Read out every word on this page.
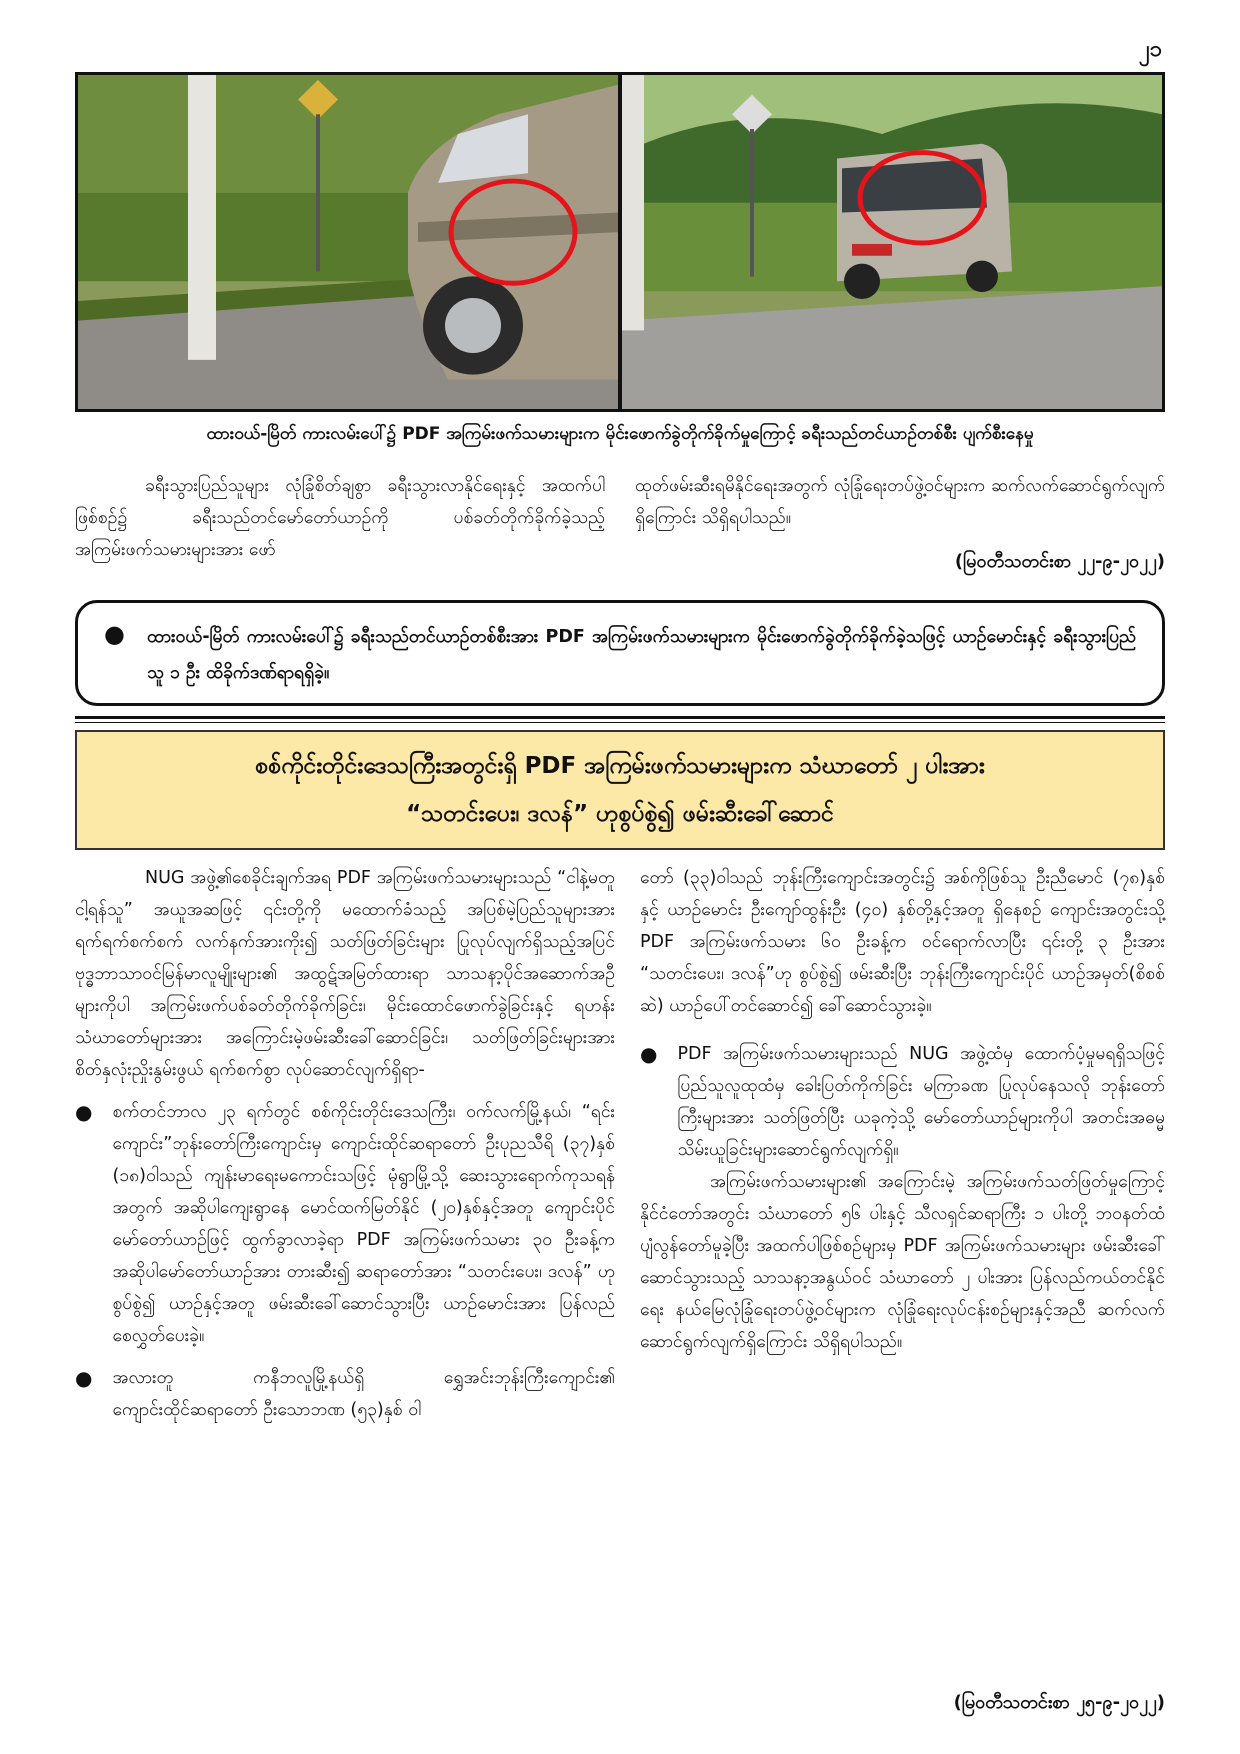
၂၁
ထားဝယ်-မြိတ် ကားလမ်းပေါ်၌ PDF အကြမ်းဖက်သမားများက မိုင်းဖောက်ခွဲတိုက်ခိုက်မှုကြောင့် ခရီးသည်တင်ယာဉ်တစ်စီး ပျက်စီးနေမှု

ခရီးသွားပြည်သူများ လုံခြုံစိတ်ချစွာ ခရီးသွားလာနိုင်ရေးနှင့် အထက်ပါဖြစ်စဉ်၌ ခရီးသည်တင်မော်တော်ယာဉ်ကို ပစ်ခတ်တိုက်ခိုက်ခဲ့သည့် အကြမ်းဖက်သမားများအား ဖော်

ထုတ်ဖမ်းဆီးရမိနိုင်ရေးအတွက် လုံခြုံရေးတပ်ဖွဲ့ဝင်များက ဆက်လက်ဆောင်ရွက်လျက်ရှိကြောင်း သိရှိရပါသည်။

(မြဝတီသတင်းစာ ၂၂-၉-၂၀၂၂)

● ထားဝယ်-မြိတ် ကားလမ်းပေါ်၌ ခရီးသည်တင်ယာဉ်တစ်စီးအား PDF အကြမ်းဖက်သမားများက မိုင်းဖောက်ခွဲတိုက်ခိုက်ခဲ့သဖြင့် ယာဉ်မောင်းနှင့် ခရီးသွားပြည်သူ ၁ ဦး ထိခိုက်ဒဏ်ရာရရှိခဲ့။
စစ်ကိုင်းတိုင်းဒေသကြီးအတွင်းရှိ PDF အကြမ်းဖက်သမားများက သံဃာတော် ၂ ပါးအား
“သတင်းပေး၊ ဒလန်” ဟုစွပ်စွဲ၍ ဖမ်းဆီးခေါ်ဆောင်

NUG အဖွဲ့၏စေခိုင်းချက်အရ PDF အကြမ်းဖက်သမားများသည် “ငါနဲ့မတူ ငါ့ရန်သူ” အယူအဆဖြင့် ၎င်းတို့ကို မထောက်ခံသည့် အပြစ်မဲ့ပြည်သူများအား ရက်ရက်စက်စက် လက်နက်အားကိုး၍ သတ်ဖြတ်ခြင်းများ ပြုလုပ်လျက်ရှိသည့်အပြင် ဗုဒ္ဓဘာသာဝင်မြန်မာလူမျိုးများ၏ အထွဋ်အမြတ်ထားရာ သာသနာ့ပိုင်အဆောက်အဦများကိုပါ အကြမ်းဖက်ပစ်ခတ်တိုက်ခိုက်ခြင်း၊ မိုင်းထောင်ဖောက်ခွဲခြင်းနှင့် ရဟန်းသံဃာတော်များအား အကြောင်းမဲ့ဖမ်းဆီးခေါ်ဆောင်ခြင်း၊ သတ်ဖြတ်ခြင်းများအား စိတ်နှလုံးညှိုးနွမ်းဖွယ် ရက်စက်စွာ လုပ်ဆောင်လျက်ရှိရာ-

● စက်တင်ဘာလ ၂၃ ရက်တွင် စစ်ကိုင်းတိုင်းဒေသကြီး၊ ဝက်လက်မြို့နယ်၊ “ရင်းကျောင်း”ဘုန်းတော်ကြီးကျောင်းမှ ကျောင်းထိုင်ဆရာတော် ဦးပုညသီရိ (၃၇)နှစ် (၁၈)ဝါသည် ကျန်းမာရေးမကောင်းသဖြင့် မုံရွာမြို့သို့ ဆေးသွားရောက်ကုသရန်အတွက် အဆိုပါကျေးရွာနေ မောင်ထက်မြတ်နိုင် (၂၀)နှစ်နှင့်အတူ ကျောင်းပိုင်မော်တော်ယာဉ်ဖြင့် ထွက်ခွာလာခဲ့ရာ PDF အကြမ်းဖက်သမား ၃၀ ဦးခန့်က အဆိုပါမော်တော်ယာဉ်အား တားဆီး၍ ဆရာတော်အား “သတင်းပေး၊ ဒလန်” ဟုစွပ်စွဲ၍ ယာဉ်နှင့်အတူ ဖမ်းဆီးခေါ်ဆောင်သွားပြီး ယာဉ်မောင်းအား ပြန်လည်စေလွှတ်ပေးခဲ့။
● အလားတူ ကနီဘလူမြို့နယ်ရှိ ရွှေအင်းဘုန်းကြီးကျောင်း၏ ကျောင်းထိုင်ဆရာတော် ဦးသောဘဏ (၅၃)နှစ် ဝါ

တော် (၃၃)ဝါသည် ဘုန်းကြီးကျောင်းအတွင်း၌ အစ်ကိုဖြစ်သူ ဦးညီမောင် (၇၈)နှစ်နှင့် ယာဉ်မောင်း ဦးကျော်ထွန်းဦး (၄၀) နှစ်တို့နှင့်အတူ ရှိနေစဉ် ကျောင်းအတွင်းသို့ PDF အကြမ်းဖက်သမား ၆၀ ဦးခန့်က ဝင်ရောက်လာပြီး ၎င်းတို့ ၃ ဦးအား “သတင်းပေး၊ ဒလန်”ဟု စွပ်စွဲ၍ ဖမ်းဆီးပြီး ဘုန်းကြီးကျောင်းပိုင် ယာဉ်အမှတ်(စိစစ်ဆဲ) ယာဉ်ပေါ်တင်ဆောင်၍ ခေါ်ဆောင်သွားခဲ့။

● PDF အကြမ်းဖက်သမားများသည် NUG အဖွဲ့ထံမှ ထောက်ပံ့မှုမရရှိသဖြင့် ပြည်သူလူထုထံမှ ခေါးပြတ်ကိုက်ခြင်း မကြာခဏ ပြုလုပ်နေသလို ဘုန်းတော်ကြီးများအား သတ်ဖြတ်ပြီး ယခုကဲ့သို့ မော်တော်ယာဉ်များကိုပါ အတင်းအဓမ္မသိမ်းယူခြင်းများဆောင်ရွက်လျက်ရှိ။

အကြမ်းဖက်သမားများ၏ အကြောင်းမဲ့ အကြမ်းဖက်သတ်ဖြတ်မှုကြောင့် နိုင်ငံတော်အတွင်း သံဃာတော် ၅၆ ပါးနှင့် သီလရှင်ဆရာကြီး ၁ ပါးတို့ ဘဝနတ်ထံပျံလွန်တော်မူခဲ့ပြီး အထက်ပါဖြစ်စဉ်များမှ PDF အကြမ်းဖက်သမားများ ဖမ်းဆီးခေါ်ဆောင်သွားသည့် သာသနာ့အနွယ်ဝင် သံဃာတော် ၂ ပါးအား ပြန်လည်ကယ်တင်နိုင်ရေး နယ်မြေလုံခြုံရေးတပ်ဖွဲ့ဝင်များက လုံခြုံရေးလုပ်ငန်းစဉ်များနှင့်အညီ ဆက်လက်ဆောင်ရွက်လျက်ရှိကြောင်း သိရှိရပါသည်။

(မြဝတီသတင်းစာ ၂၅-၉-၂၀၂၂)
